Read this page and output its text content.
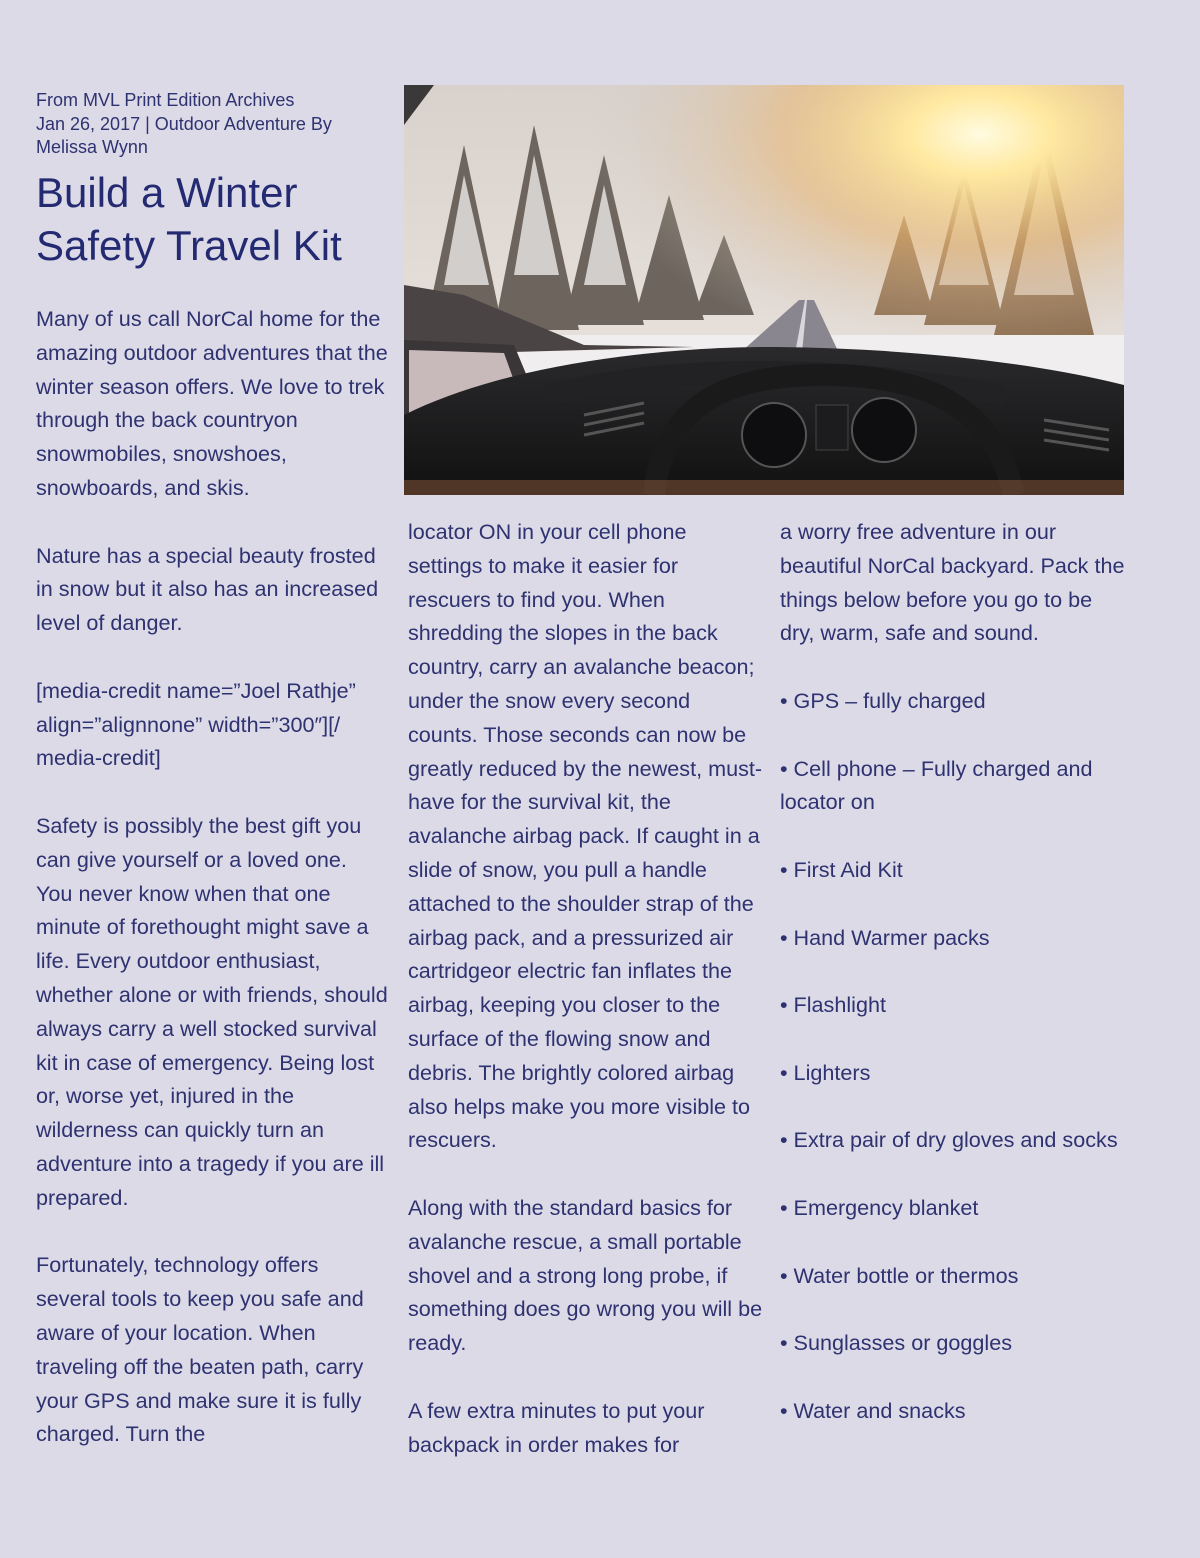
From MVL Print Edition Archives
Jan 26, 2017 | Outdoor Adventure By
Melissa Wynn
Build a Winter Safety Travel Kit

Many of us call NorCal home for the amazing outdoor adventures that the winter season offers. We love to trek through the back countryon snowmobiles, snowshoes, snowboards, and skis.

Nature has a special beauty frosted in snow but it also has an increased level of danger.

[media-credit name=”Joel Rathje” align=”alignnone” width=”300″][/ media-credit]

Safety is possibly the best gift you can give yourself or a loved one. You never know when that one minute of forethought might save a life. Every outdoor enthusiast, whether alone or with friends, should always carry a well stocked survival kit in case of emergency. Being lost or, worse yet, injured in the wilderness can quickly turn an adventure into a tragedy if you are ill prepared.

Fortunately, technology offers several tools to keep you safe and aware of your location. When traveling off the beaten path, carry your GPS and make sure it is fully charged. Turn the

locator ON in your cell phone settings to make it easier for rescuers to find you. When shredding the slopes in the back country, carry an avalanche beacon; under the snow every second counts. Those seconds can now be greatly reduced by the newest, must-have for the survival kit, the avalanche airbag pack. If caught in a slide of snow, you pull a handle attached to the shoulder strap of the airbag pack, and a pressurized air cartridgeor electric fan inflates the airbag, keeping you closer to the surface of the flowing snow and debris. The brightly colored airbag also helps make you more visible to rescuers.

Along with the standard basics for avalanche rescue, a small portable shovel and a strong long probe, if something does go wrong you will be ready.

A few extra minutes to put your backpack in order makes for

a worry free adventure in our beautiful NorCal backyard. Pack the things below before you go to be dry, warm, safe and sound.

• GPS – fully charged
• Cell phone – Fully charged and locator on
• First Aid Kit
• Hand Warmer packs
• Flashlight
• Lighters
• Extra pair of dry gloves and socks
• Emergency blanket
• Water bottle or thermos
• Sunglasses or goggles
• Water and snacks
